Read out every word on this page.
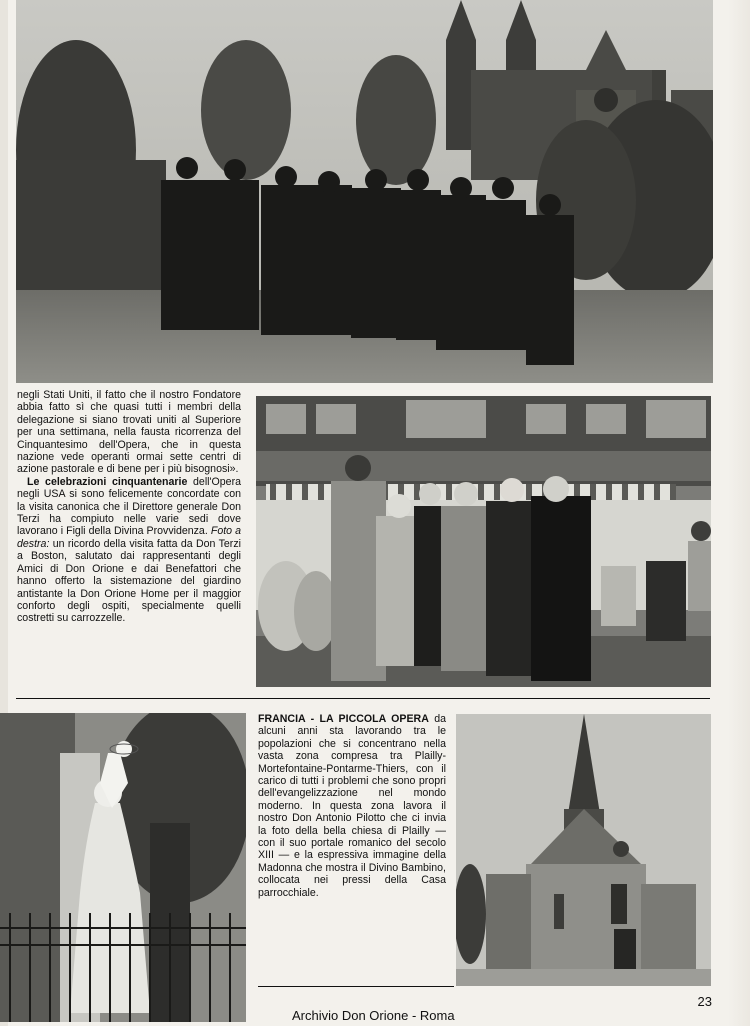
negli Stati Uniti, il fatto che il nostro Fondatore abbia fatto sì che quasi tutti i membri della delegazione si siano trovati uniti al Superiore per una settimana, nella fausta ricorrenza del Cinquantesimo dell'Opera, che in questa nazione vede operanti ormai sette centri di azione pastorale e di bene per i più bisognosi».

Le celebrazioni cinquantenarie dell'Opera negli USA si sono felicemente concordate con la visita canonica che il Direttore generale Don Terzi ha compiuto nelle varie sedi dove lavorano i Figli della Divina Provvidenza. Foto a destra: un ricordo della visita fatta da Don Terzi a Boston, salutato dai rappresentanti degli Amici di Don Orione e dai Benefattori che hanno offerto la sistemazione del giardino antistante la Don Orione Home per il maggior conforto degli ospiti, specialmente quelli costretti su carrozzelle.

FRANCIA - LA PICCOLA OPERA da alcuni anni sta lavorando tra le popolazioni che si concentrano nella vasta zona compresa tra Plailly-Mortefontaine-Pontarme-Thiers, con il carico di tutti i problemi che sono propri dell'evangelizzazione nel mondo moderno. In questa zona lavora il nostro Don Antonio Pilotto che ci invia la foto della bella chiesa di Plailly — con il suo portale romanico del secolo XIII — e la espressiva immagine della Madonna che mostra il Divino Bambino, collocata nei pressi della Casa parrocchiale.

23
Archivio Don Orione - Roma
